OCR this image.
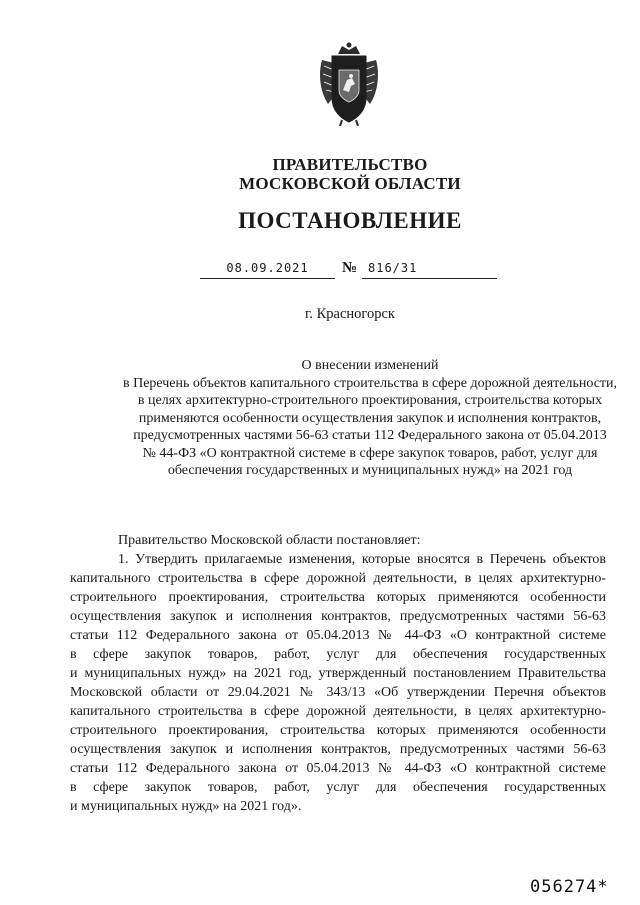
ПРАВИТЕЛЬСТВО
МОСКОВСКОЙ ОБЛАСТИ
ПОСТАНОВЛЕНИЕ
08.09.2021	№ 816/31
г. Красногорск
О внесении изменений
в Перечень объектов капитального строительства в сфере дорожной деятельности,
в целях архитектурно-строительного проектирования, строительства которых
применяются особенности осуществления закупок и исполнения контрактов,
предусмотренных частями 56-63 статьи 112 Федерального закона от 05.04.2013
№ 44-ФЗ «О контрактной системе в сфере закупок товаров, работ, услуг для
обеспечения государственных и муниципальных нужд» на 2021 год
Правительство Московской области постановляет:
1. Утвердить прилагаемые изменения, которые вносятся в Перечень объектов
капитального строительства в сфере дорожной деятельности, в целях архитектурно-
строительного проектирования, строительства которых применяются особенности
осуществления закупок и исполнения контрактов, предусмотренных частями 56-63
статьи 112 Федерального закона от 05.04.2013 № 44-ФЗ «О контрактной системе
в сфере закупок товаров, работ, услуг для обеспечения государственных
и муниципальных нужд» на 2021 год, утвержденный постановлением Правительства
Московской области от 29.04.2021 № 343/13 «Об утверждении Перечня объектов
капитального строительства в сфере дорожной деятельности, в целях архитектурно-
строительного проектирования, строительства которых применяются особенности
осуществления закупок и исполнения контрактов, предусмотренных частями 56-63
статьи 112 Федерального закона от 05.04.2013 № 44-ФЗ «О контрактной системе
в сфере закупок товаров, работ, услуг для обеспечения государственных
и муниципальных нужд» на 2021 год».
056274*
